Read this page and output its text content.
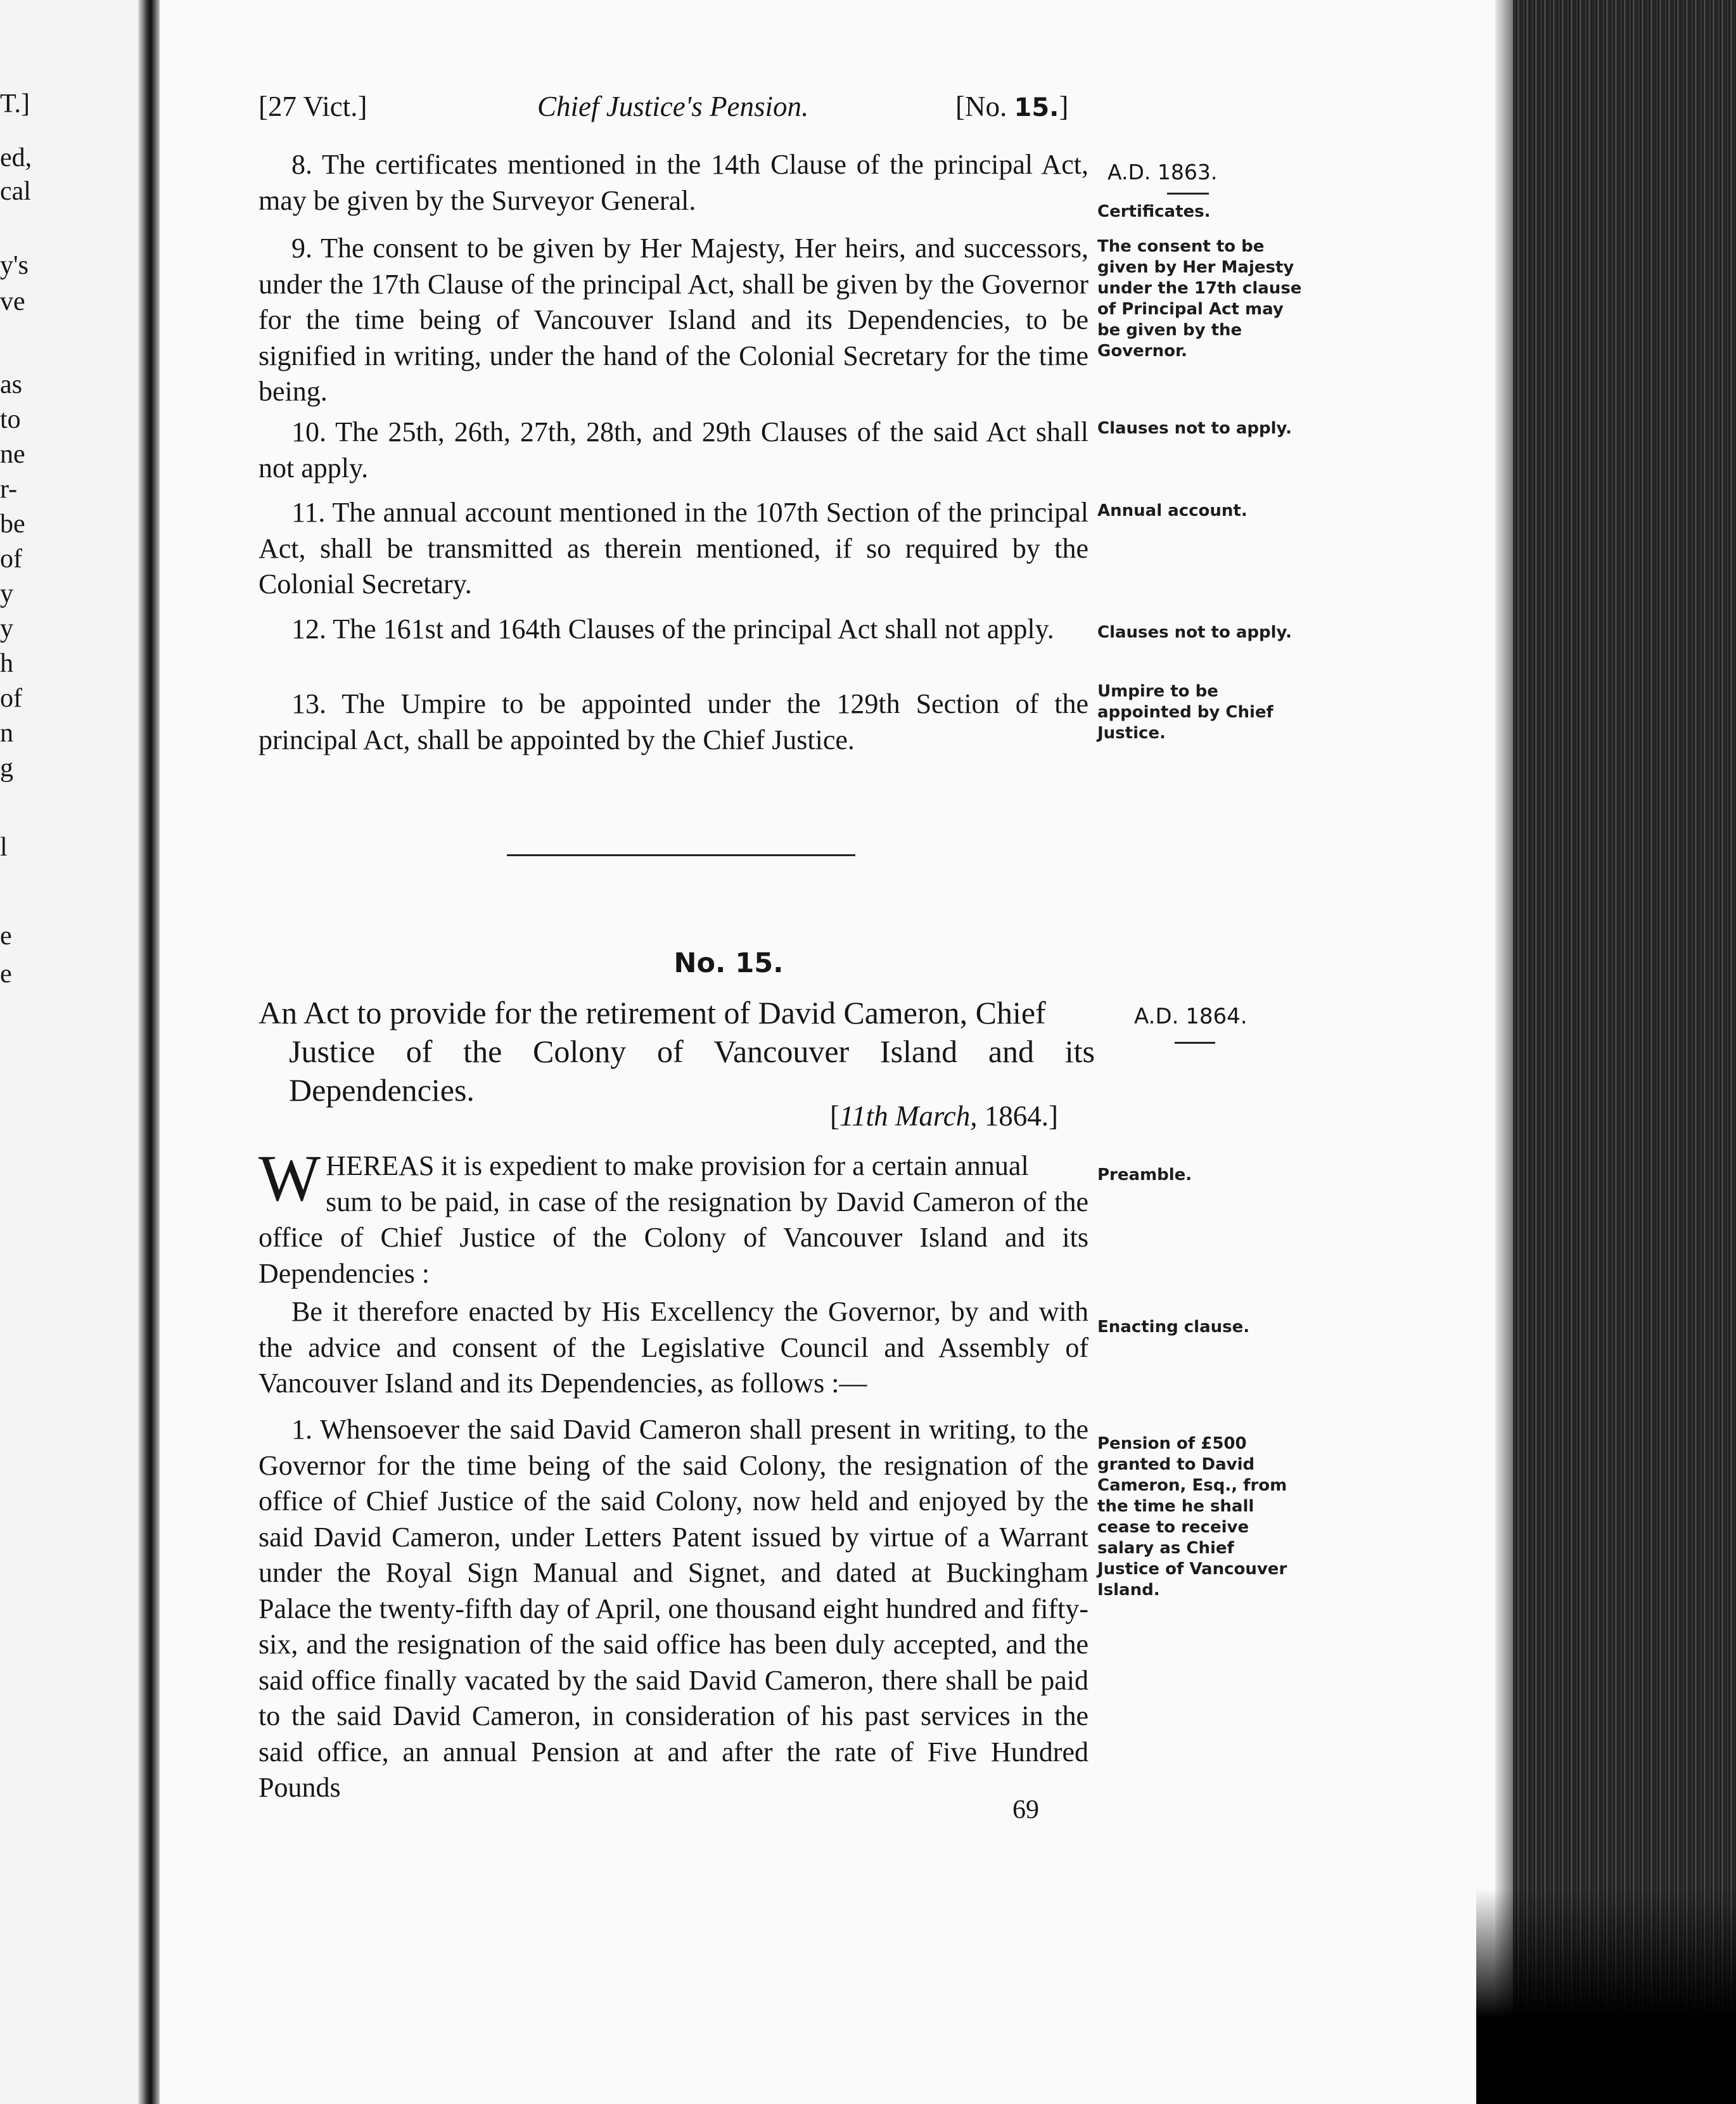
T.]
ed,
cal
y's
ve
as
to
ne
r-
be
of
y
y
h
of
n
g
l
e
e
[27 Vict.]	Chief Justice's Pension.	[No. 15.]
A.D. 1863.
8. The certificates mentioned in the 14th Clause of the principal Act, may be given by the Surveyor General.	Certificates.
9. The consent to be given by Her Majesty, Her heirs, and successors, under the 17th Clause of the principal Act, shall be given by the Governor for the time being of Vancouver Island and its Dependencies, to be signified in writing, under the hand of the Colonial Secretary for the time being.
The consent to be given by Her Majesty under the 17th clause of Principal Act may be given by the Governor.
10. The 25th, 26th, 27th, 28th, and 29th Clauses of the said Act shall not apply.
Clauses not to apply.
11. The annual account mentioned in the 107th Section of the principal Act, shall be transmitted as therein mentioned, if so required by the Colonial Secretary.
Annual account.
12. The 161st and 164th Clauses of the principal Act shall not apply.	Clauses not to apply.
13. The Umpire to be appointed under the 129th Section of the principal Act, shall be appointed by the Chief Justice.
Umpire to be appointed by Chief Justice.
No. 15.
An Act to provide for the retirement of David Cameron, Chief
Justice of the Colony of Vancouver Island and its Dependencies.
A.D. 1864.
[11th March, 1864.]
W HEREAS it is expedient to make provision for a certain annual
sum to be paid, in case of the resignation by David Cameron of the office of Chief Justice of the Colony of Vancouver Island and its Dependencies :
Preamble.
Be it therefore enacted by His Excellency the Governor, by and with the advice and consent of the Legislative Council and Assembly of Vancouver Island and its Dependencies, as follows :—
Enacting clause.
1. Whensoever the said David Cameron shall present in writing, to the Governor for the time being of the said Colony, the resignation of the office of Chief Justice of the said Colony, now held and enjoyed by the said David Cameron, under Letters Patent issued by virtue of a Warrant under the Royal Sign Manual and Signet, and dated at Buckingham Palace the twenty-fifth day of April, one thousand eight hundred and fifty-six, and the resignation of the said office has been duly accepted, and the said office finally vacated by the said David Cameron, there shall be paid to the said David Cameron, in consideration of his past services in the said office, an annual Pension at and after the rate of Five Hundred Pounds
Pension of £500 granted to David Cameron, Esq., from the time he shall cease to receive salary as Chief Justice of Vancouver Island.
69
